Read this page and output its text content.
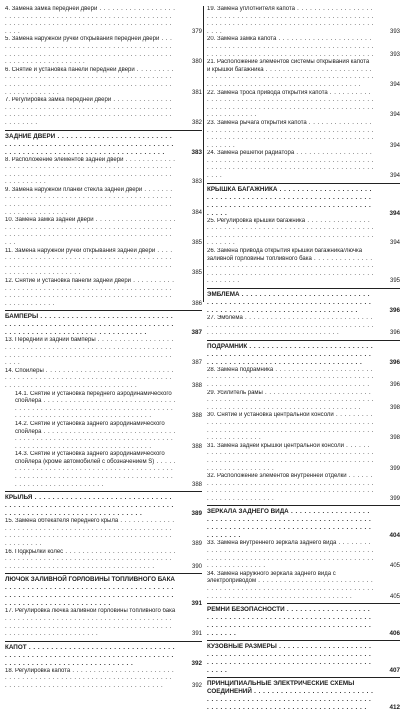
4. Замена замка передней двери . . .
379
5. Замена наружной ручки открывания передней двери . . .
380
6. Снятие и установка панели передней двери . . .
381
7. Регулировка замка передней двери . . .
382
ЗАДНИЕ ДВЕРИ . . .
383
8. Расположение элементов задней двери . . .
383
9. Замена наружной планки стекла задней двери . . .
384
10. Замена замка задней двери . . .
385
11. Замена наружной ручки открывания задней двери . . .
385
12. Снятие и установка панели задней двери . . .
386
БАМПЕРЫ . . .
387
13. Передний и задний бамперы . . .
387
14. Спойлеры . . .
388
14.1. Снятие и установка переднего аэродинамического спойлера . . .
388
14.2. Снятие и установка заднего аэродинамического спойлера . . .
388
14.3. Снятие и установка заднего аэродинамического спойлера (кроме автомобилей с обозначением S) . . .
388
КРЫЛЬЯ . . .
389
15. Замена обтекателя переднего крыла . . .
389
16. Подкрылки колес . . .
390
ЛЮЧОК ЗАЛИВНОЙ ГОРЛОВИНЫ ТОПЛИВНОГО БАКА . . .
391
17. Регулировка лючка заливной горловины топливного бака . . .
391
КАПОТ . . .
392
18. Регулировка капота . . .
392
19. Замена уплотнителя капота . . .
393
20. Замена замка капота . . .
393
21. Расположение элементов системы открывания капота и крышки багажника . . .
394
22. Замена троса привода открытия капота . . .
394
23. Замена рычага открытия капота . . .
394
24. Замена решетки радиатора . . .
394
КРЫШКА БАГАЖНИКА . . .
394
25. Регулировка крышки багажника . . .
394
26. Замена привода открытия крышки багажника/лючка заливной горловины топливного бака . . .
395
ЭМБЛЕМА . . .
396
27. Эмблема . . .
396
ПОДРАМНИК . . .
396
28. Замена подрамника . . .
396
29. Усилитель рамы . . .
398
30. Снятие и установка центральной консоли . . .
398
31. Замена задней крышки центральной консоли . . .
399
32. Расположение элементов внутренней отделки . . .
399
ЗЕРКАЛА ЗАДНЕГО ВИДА . . .
404
33. Замена внутреннего зеркала заднего вида . . .
405
34. Замена наружного зеркала заднего вида с электроприводом . . .
405
РЕМНИ БЕЗОПАСНОСТИ . . .
406
КУЗОВНЫЕ РАЗМЕРЫ . . .
407
ПРИНЦИПИАЛЬНЫЕ ЭЛЕКТРИЧЕСКИЕ СХЕМЫ СОЕДИНЕНИЙ . . .
412
